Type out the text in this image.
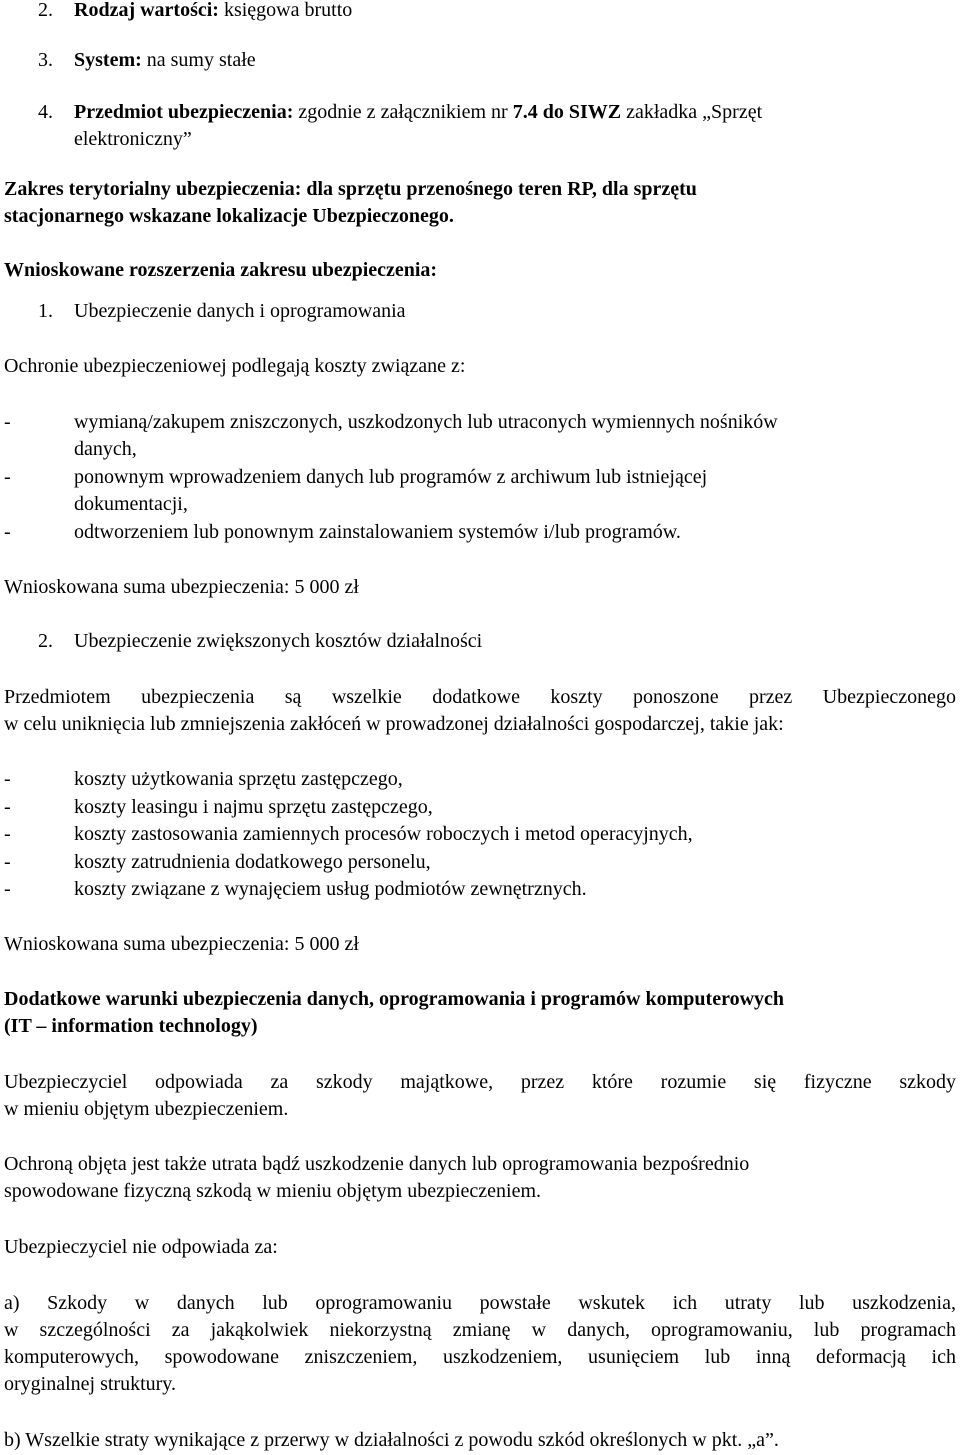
2. Rodzaj wartości: księgowa brutto
3. System: na sumy stałe
4. Przedmiot ubezpieczenia: zgodnie z załącznikiem nr 7.4 do SIWZ zakładka „Sprzęt
elektroniczny”
Zakres terytorialny ubezpieczenia: dla sprzętu przenośnego teren RP, dla sprzętu
stacjonarnego wskazane lokalizacje Ubezpieczonego.
Wnioskowane rozszerzenia zakresu ubezpieczenia:
1. Ubezpieczenie danych i oprogramowania
Ochronie ubezpieczeniowej podlegają koszty związane z:
-	wymianą/zakupem zniszczonych, uszkodzonych lub utraconych wymiennych nośników
danych,
-	ponownym wprowadzeniem danych lub programów z archiwum lub istniejącej
dokumentacji,
-	odtworzeniem lub ponownym zainstalowaniem systemów i/lub programów.
Wnioskowana suma ubezpieczenia: 5 000 zł
2. Ubezpieczenie zwiększonych kosztów działalności
Przedmiotem ubezpieczenia są wszelkie dodatkowe koszty ponoszone przez Ubezpieczonego
w celu uniknięcia lub zmniejszenia zakłóceń w prowadzonej działalności gospodarczej, takie jak:
-	koszty użytkowania sprzętu zastępczego,
-	koszty leasingu i najmu sprzętu zastępczego,
-	koszty zastosowania zamiennych procesów roboczych i metod operacyjnych,
-	koszty zatrudnienia dodatkowego personelu,
-	koszty związane z wynajęciem usług podmiotów zewnętrznych.
Wnioskowana suma ubezpieczenia: 5 000 zł
Dodatkowe warunki ubezpieczenia danych, oprogramowania i programów komputerowych
(IT – information technology)
Ubezpieczyciel odpowiada za szkody majątkowe, przez które rozumie się fizyczne szkody
w mieniu objętym ubezpieczeniem.
Ochroną objęta jest także utrata bądź uszkodzenie danych lub oprogramowania bezpośrednio
spowodowane fizyczną szkodą w mieniu objętym ubezpieczeniem.
Ubezpieczyciel nie odpowiada za:
a) Szkody w danych lub oprogramowaniu powstałe wskutek ich utraty lub uszkodzenia,
w szczególności za jakąkolwiek niekorzystną zmianę w danych, oprogramowaniu, lub programach
komputerowych, spowodowane zniszczeniem, uszkodzeniem, usunięciem lub inną deformacją ich
oryginalnej struktury.
b) Wszelkie straty wynikające z przerwy w działalności z powodu szkód określonych w pkt. „a”.
